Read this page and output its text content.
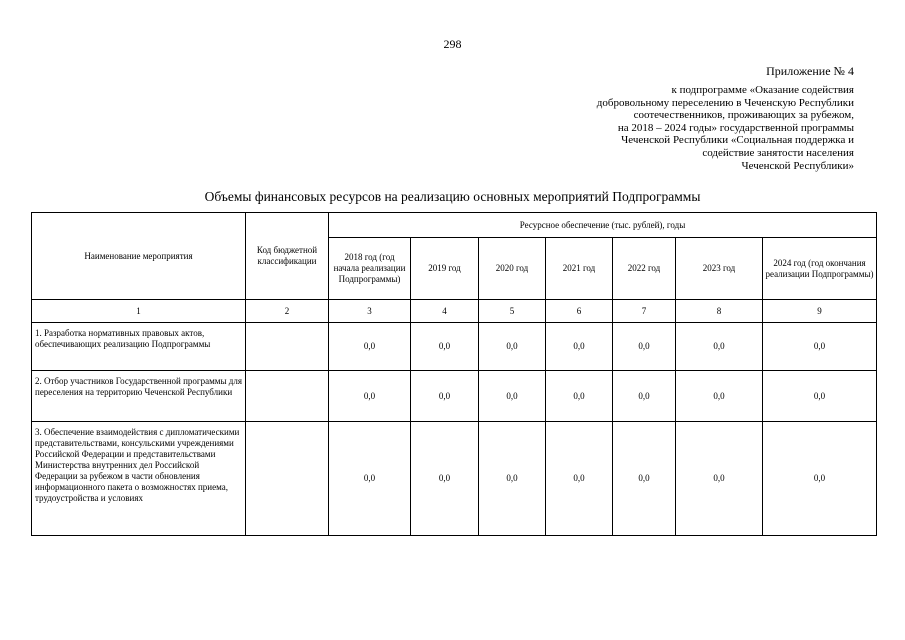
298
Приложение № 4
к подпрограмме «Оказание содействия
добровольному переселению в Чеченскую Республики
соотечественников, проживающих за рубежом,
на 2018 – 2024 годы» государственной программы
Чеченской Республики «Социальная поддержка и
содействие занятости населения
Чеченской Республики»
Объемы финансовых ресурсов на реализацию основных мероприятий Подпрограммы
Наименование мероприятия	Код бюджетной классификации	Ресурсное обеспечение (тыс. рублей), годы						
		2018 год (год начала реализации Подпрограммы)	2019 год	2020 год	2021 год	2022 год	2023 год	2024 год (год окончания реализации Подпрограммы)
1	2	3	4	5	6	7	8	9
1. Разработка нормативных правовых актов, обеспечивающих реализацию Подпрограммы		0,0	0,0	0,0	0,0	0,0	0,0	0,0
2. Отбор участников Государственной программы для переселения на территорию Чеченской Республики		0,0	0,0	0,0	0,0	0,0	0,0	0,0
3. Обеспечение взаимодействия с дипломатическими представительствами, консульскими учреждениями Российской Федерации и представительствами Министерства внутренних дел Российской Федерации за рубежом в части обновления информационного пакета о возможностях приема, трудоустройства и условиях		0,0	0,0	0,0	0,0	0,0	0,0	0,0
